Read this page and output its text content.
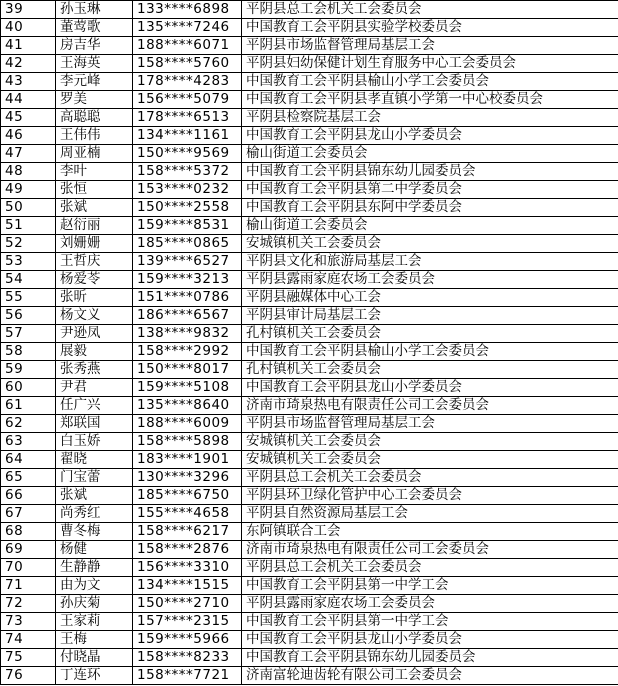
39	孙玉琳	133****6898	平阴县总工会机关工会委员会
40	董莺歌	135****7246	中国教育工会平阴县实验学校委员会
41	房吉华	188****6071	平阴县市场监督管理局基层工会
42	王海英	158****5760	平阴县妇幼保健计划生育服务中心工会委员会
43	李元峰	178****4283	中国教育工会平阴县榆山小学工会委员会
44	罗美	156****5079	中国教育工会平阴县孝直镇小学第一中心校委员会
45	高聪聪	178****6513	平阴县检察院基层工会
46	王伟伟	134****1161	中国教育工会平阴县龙山小学委员会
47	周亚楠	150****9569	榆山街道工会委员会
48	李叶	158****5372	中国教育工会平阴县锦东幼儿园委员会
49	张恒	153****0232	中国教育工会平阴县第二中学委员会
50	张斌	150****2558	中国教育工会平阴县东阿中学委员会
51	赵衍丽	159****8531	榆山街道工会委员会
52	刘姗姗	185****0865	安城镇机关工会委员会
53	王哲庆	139****6527	平阴县文化和旅游局基层工会
54	杨爱苓	159****3213	平阴县露雨家庭农场工会委员会
55	张昕	151****0786	平阴县融媒体中心工会
56	杨文义	186****6567	平阴县审计局基层工会
57	尹逊凤	138****9832	孔村镇机关工会委员会
58	展毅	158****2992	中国教育工会平阴县榆山小学工会委员会
59	张秀燕	150****8017	孔村镇机关工会委员会
60	尹君	159****5108	中国教育工会平阴县龙山小学委员会
61	任广兴	135****8640	济南市琦泉热电有限责任公司工会委员会
62	郑联国	188****6009	平阴县市场监督管理局基层工会
63	白玉娇	158****5898	安城镇机关工会委员会
64	翟晓	183****1901	安城镇机关工会委员会
65	门宝蕾	130****3296	平阴县总工会机关工会委员会
66	张斌	185****6750	平阴县环卫绿化管护中心工会委员会
67	尚秀红	155****4658	平阴县自然资源局基层工会
68	曹冬梅	158****6217	东阿镇联合工会
69	杨健	158****2876	济南市琦泉热电有限责任公司工会委员会
70	生静静	156****3310	平阴县总工会机关工会委员会
71	由为文	134****1515	中国教育工会平阴县第一中学工会
72	孙庆菊	150****2710	平阴县露雨家庭农场工会委员会
73	王家莉	157****2315	中国教育工会平阴县第一中学工会
74	王梅	159****5966	中国教育工会平阴县龙山小学委员会
75	付晓晶	158****8233	中国教育工会平阴县锦东幼儿园委员会
76	丁连环	158****7721	济南富轮迪齿轮有限公司工会委员会
